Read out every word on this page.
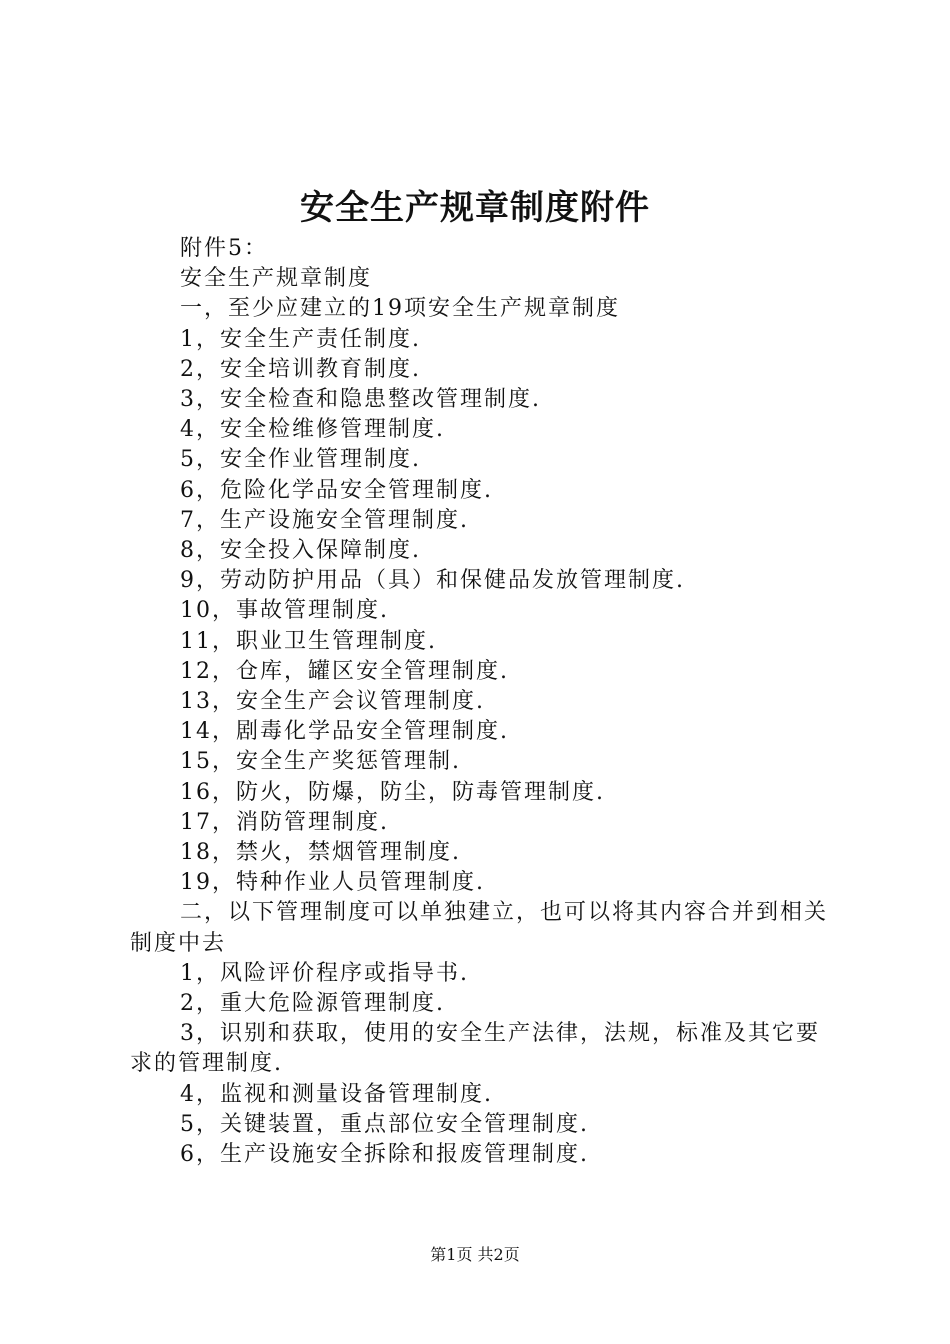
安全生产规章制度附件

附件5：

安全生产规章制度

一，至少应建立的19项安全生产规章制度

1，安全生产责任制度.

2，安全培训教育制度.

3，安全检查和隐患整改管理制度.

4，安全检维修管理制度.

5，安全作业管理制度.

6，危险化学品安全管理制度.

7，生产设施安全管理制度.

8，安全投入保障制度.

9，劳动防护用品（具）和保健品发放管理制度.

10，事故管理制度.

11，职业卫生管理制度.

12，仓库，罐区安全管理制度.

13，安全生产会议管理制度.

14，剧毒化学品安全管理制度.

15，安全生产奖惩管理制.

16，防火，防爆，防尘，防毒管理制度.

17，消防管理制度.

18，禁火，禁烟管理制度.

19，特种作业人员管理制度.

二，以下管理制度可以单独建立，也可以将其内容合并到相关制度中去

1，风险评价程序或指导书.

2，重大危险源管理制度.

3，识别和获取，使用的安全生产法律，法规，标准及其它要求的管理制度.

4，监视和测量设备管理制度.

5，关键装置，重点部位安全管理制度.

6，生产设施安全拆除和报废管理制度.

第1页 共2页
